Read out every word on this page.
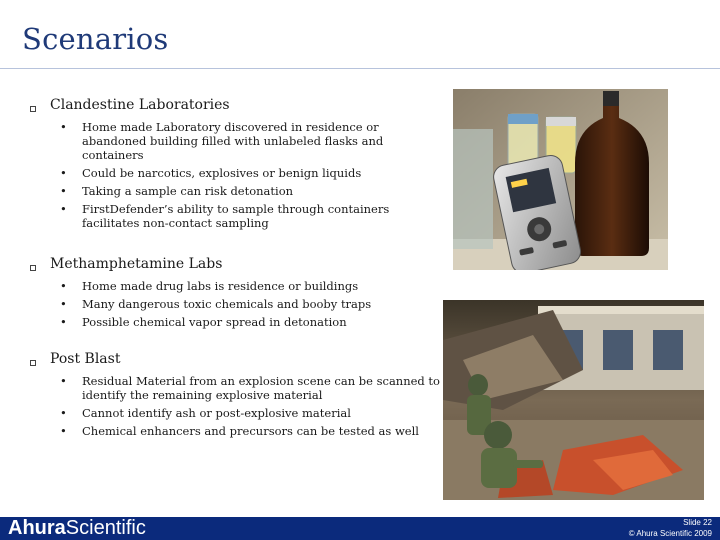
Scenarios
Clandestine Laboratories
•	Home made Laboratory discovered in residence or abandoned building filled with unlabeled flasks and containers
•	Could be narcotics, explosives or benign liquids
•	Taking a sample can risk detonation
•	FirstDefender’s ability to sample through containers facilitates non-contact sampling
Methamphetamine Labs
•	Home made drug labs is residence or buildings
•	Many dangerous toxic chemicals and booby traps
•	Possible chemical vapor spread in detonation
Post Blast
•	Residual Material from an explosion scene can be scanned to identify the remaining explosive material
•	Cannot identify ash or post-explosive material
•	Chemical enhancers and precursors can be tested as well
AhuraScientific	Slide 22
© Ahura Scientific 2009
